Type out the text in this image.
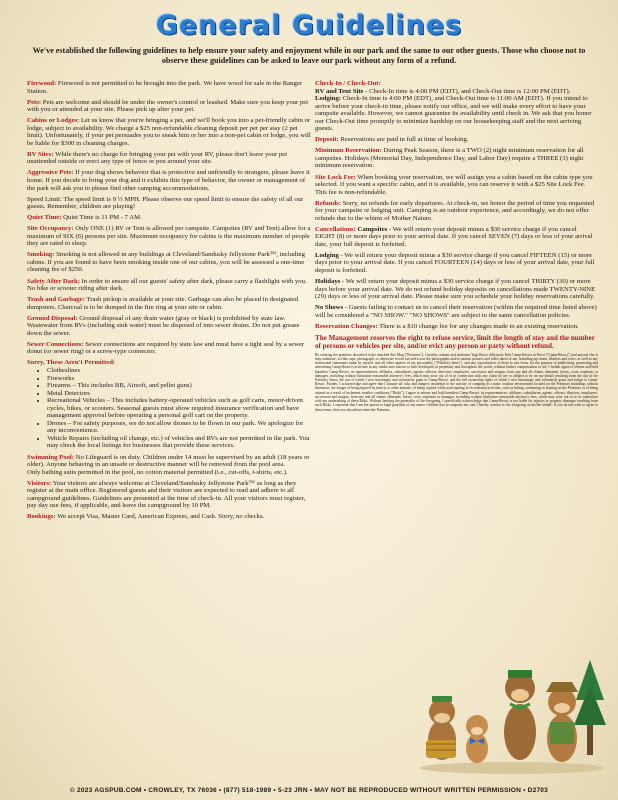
General Guidelines
We've established the following guidelines to help ensure your safety and enjoyment while in our park and the same to our other guests. Those who choose not to observe these guidelines can be asked to leave our park without any form of a refund.
Firewood: Firewood is not permitted to be brought into the park. We have wood for sale in the Ranger Station.
Pets: Pets are welcome and should be under the owner's control or leashed. Make sure you keep your pet with you or attended at your site. Please pick up after your pet.
Cabins or Lodges: Let us know that you're bringing a pet, and we'll book you into a pet-friendly cabin or lodge, subject to availability. We charge a $25 non-refundable cleaning deposit per pet per stay (2 pet limit). Unfortunately, if your pet persuades you to sneak him or her into a non-pet cabin or lodge, you will be liable for $300 in cleaning charges.
RV Sites: While there's no charge for bringing your pet with your RV, please don't leave your pet unattended outside or erect any type of fence or pen around your site.
Aggressive Pets: If your dog shows behavior that is protective and unfriendly to strangers, please leave it home. If you decide to bring your dog and it exhibits this type of behavior, the owner or management of the park will ask you to please find other camping accommodations.
Speed Limit: The speed limit is 9 ½ MPH. Please observe our speed limit to ensure the safety of all our guests. Remember, children are playing!
Quiet Time: Quiet Time is 11 PM - 7 AM.
Site Occupancy: Only ONE (1) RV or Tent is allowed per campsite. Campsites (RV and Tent) allow for a maximum of SIX (6) persons per site. Maximum occupancy for cabins is the maximum number of people they are rated to sleep.
Smoking: Smoking is not allowed in any buildings at Cleveland/Sandusky Jellystone Park™, including cabins. If you are found to have been smoking inside one of our cabins, you will be assessed a one-time cleaning fee of $250.
Safety After Dark: In order to ensure all our guests' safety after dark, please carry a flashlight with you. No bike or scooter riding after dark.
Trash and Garbage: Trash pickup is available at your site. Garbage can also be placed in designated dumpsters. Charcoal is to be dumped in the fire ring at your site or cabin.
Ground Disposal: Ground disposal of any drain water (gray or black) is prohibited by state law. Wastewater from RVs (including sink water) must be disposed of into sewer drains. Do not put grease down the sewer.
Sewer Connections: Sewer connections are required by state law and must have a tight seal by a sewer donut (or sewer ring) or a screw-type connector.
Sorry, These Aren't Permitted:
• Clotheslines
• Fireworks
• Firearms – This includes BB, Airsoft, and pellet guns)
• Metal Detectors
• Recreational Vehicles – This includes battery-operated vehicles such as golf carts, motor-driven cycles, bikes, or scooters. Seasonal guests must show required insurance verification and have management approval before operating a personal golf cart on the property.
• Drones – For safety purposes, we do not allow drones to be flown in our park. We apologize for any inconvenience.
• Vehicle Repairs (including oil change, etc.) of vehicles and RVs are not permitted in the park. You may check the local listings for businesses that provide these services.
Swimming Pool: No Lifeguard is on duty. Children under 14 must be supervised by an adult (18 years or older). Anyone behaving in an unsafe or destructive manner will be removed from the pool area.
Only bathing suits permitted in the pool, no cotton material permitted (i.e., cut-offs, t-shirts, etc.).
Visitors: Your visitors are always welcome at Cleveland/Sandusky Jellystone Park™ as long as they register at the main office. Registered guests and their visitors are expected to read and adhere to all campground guidelines. Guidelines are presented at the time of check-in. All your visitors must register, pay day use fees, if applicable, and leave the campground by 10 PM.
Bookings: We accept Visa, Master Card, American Express, and Cash. Sorry, no checks.
Check-In / Check-Out:
RV and Tent Site - Check-In time is 4:00 PM (EDT), and Check-Out time is 12:00 PM (EDT). Lodging: Check-In time is 4:00 PM (EDT), and Check-Out time is 11:00 AM (EDT). If you intend to arrive before your check-in time, please notify our office, and we will make every effort to have your campsite available. However, we cannot guarantee its availability until check in. We ask that you honor our Check-Out time promptly to minimize hardship on our housekeeping staff and the next arriving guests.
Deposit: Reservations are paid in full at time of booking.
Minimum Reservation: During Peak Season, there is a TWO (2) night minimum reservation for all campsites. Holidays (Memorial Day, Independence Day, and Labor Day) require a THREE (3) night minimum reservation.
Site Lock Fee: When booking your reservation, we will assign you a cabin based on the cabin type you selected. If you want a specific cabin, and it is available, you can reserve it with a $25 Site Lock Fee. This fee is non-refundable.
Refunds: Sorry, no refunds for early departures. At check-in, we honor the period of time you requested for your campsite or lodging unit. Camping is an outdoor experience, and accordingly, we do not offer refunds due to the whims of Mother Nature.
Cancellations: Campsites - We will return your deposit minus a $30 service charge if you cancel EIGHT (8) or more days prior to your arrival date. If you cancel SEVEN (7) days or less of your arrival date, your full deposit is forfeited.
Lodging - We will return your deposit minus a $30 service charge if you cancel FIFTEEN (15) or more days prior to your arrival date. If you cancel FOURTEEN (14) days or less of your arrival date, your full deposit is forfeited.
Holidays - We will return your deposit minus a $30 service charge if you cancel THIRTY (30) or more days before your arrival date. We do not refund holiday deposits on cancellations made TWENTY-NINE (29) days or less of your arrival date. Please make sure you schedule your holiday reservations carefully.
No Shows - Guests failing to contact us to cancel their reservation (within the required time listed above) will be considered a "NO SHOW." "NO SHOWS" are subject to the same cancellation policies.
Reservation Changes: There is a $10 change fee for any changes made to an existing reservation.
The Management reserves the right to refuse service, limit the length of stay and the number of persons or vehicles per site, and/or evict any person or party without refund.
By entering the premises described in the attached Site Map ("Premises"), I hereby consent and authorize Yogi Bear's Jellystone Park Camp-Resort in Nova ("Camp-Resort") and anyone else it may authorize, to film, tape, photograph, or otherwise record me and to use the photographs and/or motion pictures and video taken of me, including my name, likeness and voice, as well as any testimonial statements made by myself, and all other aspects of my personality ("Publicity Items"), and any reproduction of them in any form, for the purpose of publicizing, promoting and advertising Camp-Resort's activities in any media now known or later developed, in perpetuity and throughout the world, without further compensation to me. I further agree to release and hold harmless Camp-Resort, its representatives, affiliates, subsidiaries, agents, officers, directors, employees, successors and assigns, from any and all claims, demands, losses, costs, expenses or damages, including without limitation reasonable attorney's fees, which may arise out of or in connection with any claim by me or alleged to be on my behalf resulting from the use of the Publicity Items, the use of which I now knowingly and voluntarily grant to Camp-Resort, and the full ownership rights of which I now knowingly and voluntarily grant and assign to Camp-Resort. Further, I acknowledge and agree that I assume all risks and dangers incidental to the activity of camping in a rustic outdoor environment located on the Premises including, without limitation, the danger of being injured by insects or other animals, of being injured while participating in recreational activities, such as hiking, swimming or boating on the Premises or of being injured as a result of inclement weather conditions ("Risks"). I agree to release and hold harmless Camp-Resort, its representatives, affiliates, subsidiaries, agents, officers, directors, employees, successors and assigns, from any and all claims, demands, losses, costs, expenses or damages, including without limitation reasonable attorney's fees, which may arise out of or in connection with my undertaking of these Risks. Without limiting the generality of the foregoing, I specifically acknowledge that Camp-Resort is not liable for injuries or property damages resulting from such Risks. I represent that I am the parent or legal guardian of any minor children that accompany me, and I hereby consent to the foregoing on his/her behalf. If you do not wish to agree to these terms, then you should not enter the Premises.
© 2023 AGSPUB.COM • CROWLEY, TX 76036 • (877) 518-1989 • 5-23 JRN • MAY NOT BE REPRODUCED WITHOUT WRITTEN PERMISSION • D2703
